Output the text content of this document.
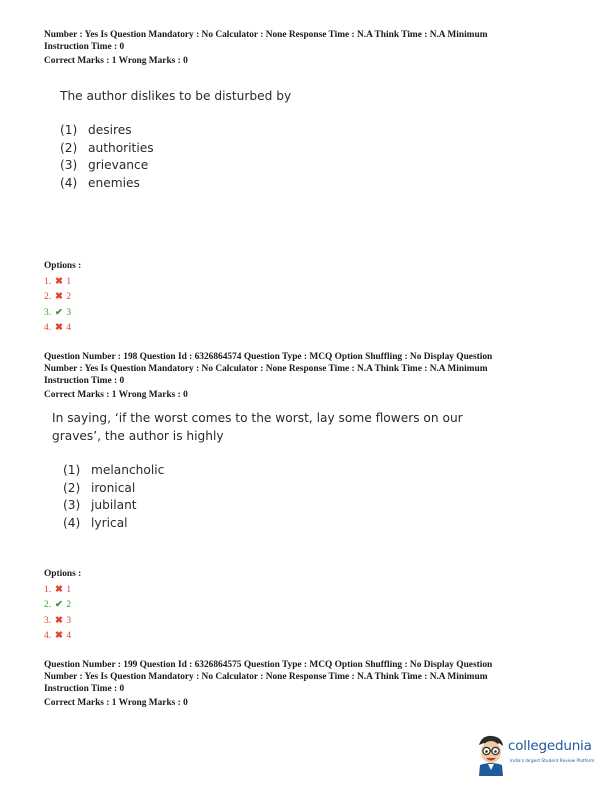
Number : Yes Is Question Mandatory : No Calculator : None Response Time : N.A Think Time : N.A Minimum
Instruction Time : 0
Correct Marks : 1 Wrong Marks : 0
The author dislikes to be disturbed by
(1) desires
(2) authorities
(3) grievance
(4) enemies
Options :
1. ✖ 1
2. ✖ 2
3. ✔ 3
4. ✖ 4
Question Number : 198 Question Id : 6326864574 Question Type : MCQ Option Shuffling : No Display Question
Number : Yes Is Question Mandatory : No Calculator : None Response Time : N.A Think Time : N.A Minimum
Instruction Time : 0
Correct Marks : 1 Wrong Marks : 0
In saying, ‘if the worst comes to the worst, lay some flowers on our
graves’, the author is highly
(1) melancholic
(2) ironical
(3) jubilant
(4) lyrical
Options :
1. ✖ 1
2. ✔ 2
3. ✖ 3
4. ✖ 4
Question Number : 199 Question Id : 6326864575 Question Type : MCQ Option Shuffling : No Display Question
Number : Yes Is Question Mandatory : No Calculator : None Response Time : N.A Think Time : N.A Minimum
Instruction Time : 0
Correct Marks : 1 Wrong Marks : 0
collegedunia
India's largest Student Review Platform
